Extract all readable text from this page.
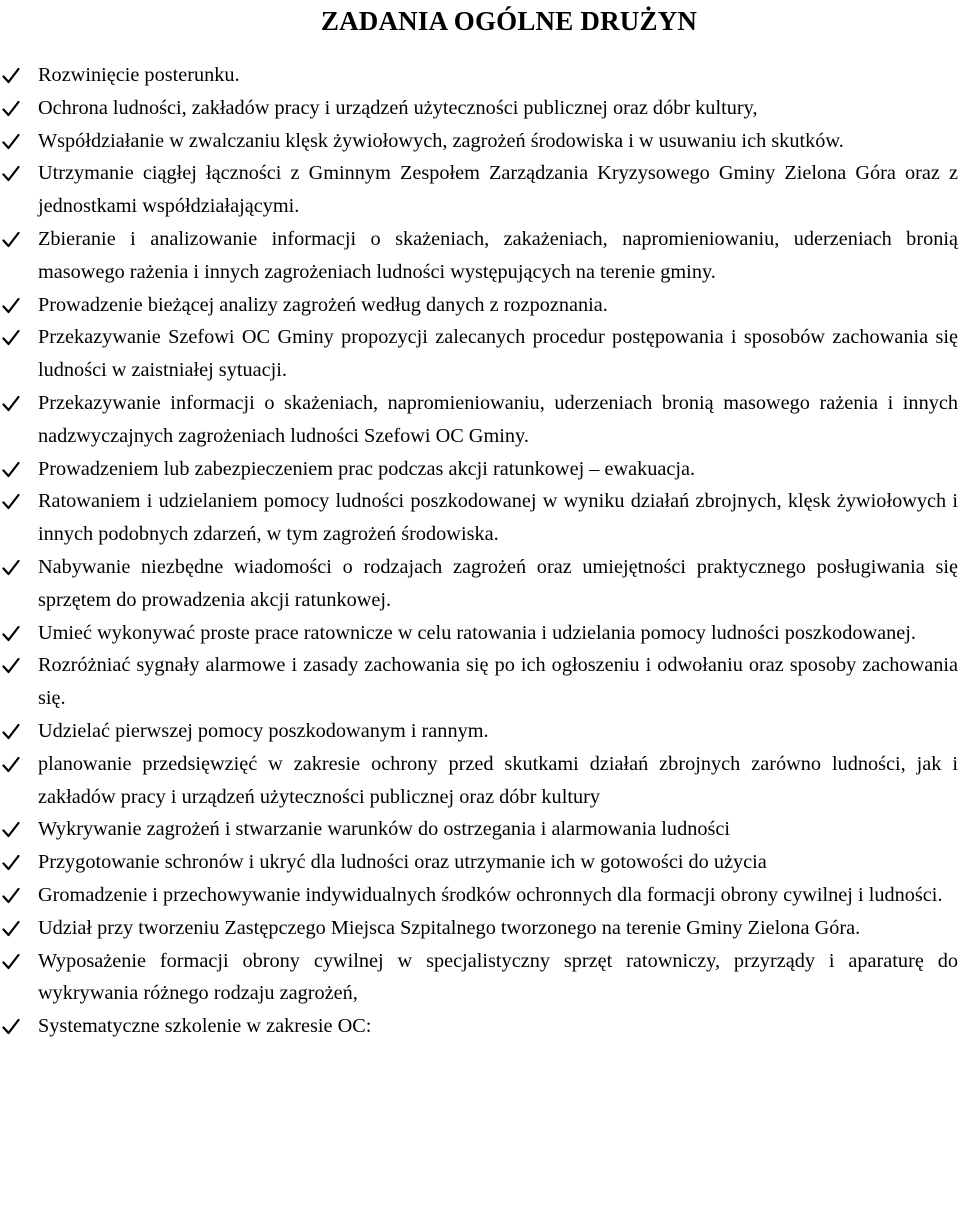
ZADANIA OGÓLNE DRUŻYN
Rozwinięcie posterunku.
Ochrona ludności, zakładów pracy i urządzeń użyteczności publicznej oraz dóbr kultury,
Współdziałanie w zwalczaniu klęsk żywiołowych, zagrożeń środowiska i w usuwaniu ich skutków.
Utrzymanie ciągłej łączności z Gminnym Zespołem Zarządzania Kryzysowego Gminy Zielona Góra oraz z jednostkami współdziałającymi.
Zbieranie i analizowanie informacji o skażeniach, zakażeniach, napromieniowaniu, uderzeniach bronią masowego rażenia i innych zagrożeniach ludności występujących na terenie gminy.
Prowadzenie bieżącej analizy zagrożeń według danych z rozpoznania.
Przekazywanie Szefowi OC Gminy propozycji zalecanych procedur postępowania i sposobów zachowania się ludności w zaistniałej sytuacji.
Przekazywanie informacji o skażeniach, napromieniowaniu, uderzeniach bronią masowego rażenia i innych nadzwyczajnych zagrożeniach ludności Szefowi OC Gminy.
Prowadzeniem lub zabezpieczeniem prac podczas akcji ratunkowej – ewakuacja.
Ratowaniem i udzielaniem pomocy ludności poszkodowanej w wyniku działań zbrojnych, klęsk żywiołowych i innych podobnych zdarzeń, w tym zagrożeń środowiska.
Nabywanie niezbędne wiadomości o rodzajach zagrożeń oraz umiejętności praktycznego posługiwania się sprzętem do prowadzenia akcji ratunkowej.
Umieć wykonywać proste prace ratownicze w celu ratowania i udzielania pomocy ludności poszkodowanej.
Rozróżniać sygnały alarmowe i zasady zachowania się po ich ogłoszeniu i odwołaniu oraz sposoby zachowania się.
Udzielać pierwszej pomocy poszkodowanym i rannym.
planowanie przedsięwzięć w zakresie ochrony przed skutkami działań zbrojnych zarówno ludności, jak i zakładów pracy i urządzeń użyteczności publicznej oraz dóbr kultury
Wykrywanie zagrożeń i stwarzanie warunków do ostrzegania i alarmowania ludności
Przygotowanie schronów i ukryć dla ludności oraz utrzymanie ich w gotowości do użycia
Gromadzenie i przechowywanie indywidualnych środków ochronnych dla formacji obrony cywilnej i ludności.
Udział przy tworzeniu Zastępczego Miejsca Szpitalnego tworzonego na terenie Gminy Zielona Góra.
Wyposażenie formacji obrony cywilnej w specjalistyczny sprzęt ratowniczy, przyrządy i aparaturę do wykrywania różnego rodzaju zagrożeń,
Systematyczne szkolenie w zakresie OC:
